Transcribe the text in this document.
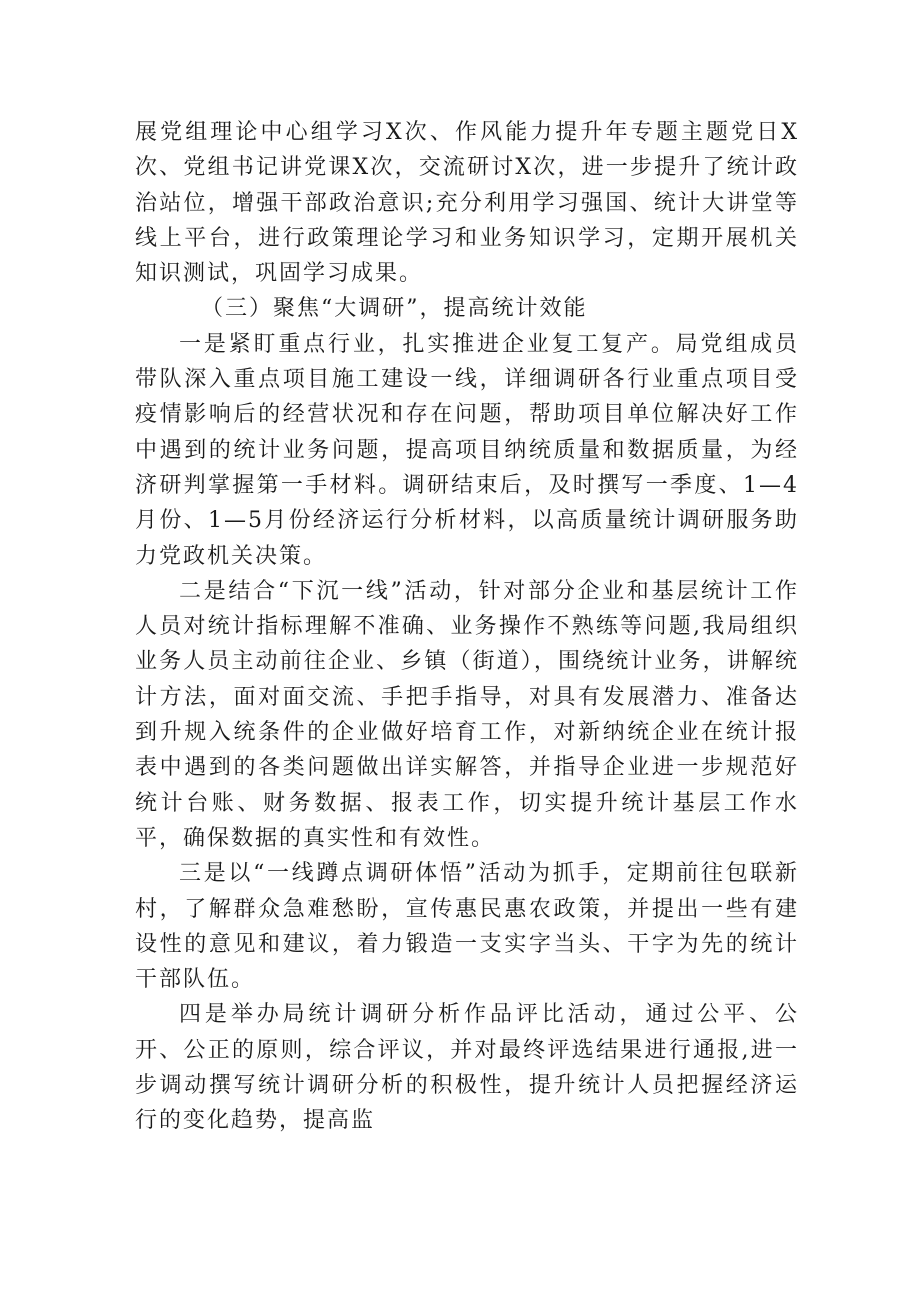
展党组理论中心组学习X次、作风能力提升年专题主题党日X次、党组书记讲党课X次，交流研讨X次，进一步提升了统计政治站位，增强干部政治意识;充分利用学习强国、统计大讲堂等线上平台，进行政策理论学习和业务知识学习，定期开展机关知识测试，巩固学习成果。

（三）聚焦“大调研”，提高统计效能

一是紧盯重点行业，扎实推进企业复工复产。局党组成员带队深入重点项目施工建设一线，详细调研各行业重点项目受疫情影响后的经营状况和存在问题，帮助项目单位解决好工作中遇到的统计业务问题，提高项目纳统质量和数据质量，为经济研判掌握第一手材料。调研结束后，及时撰写一季度、1—4月份、1—5月份经济运行分析材料，以高质量统计调研服务助力党政机关决策。

二是结合“下沉一线”活动，针对部分企业和基层统计工作人员对统计指标理解不准确、业务操作不熟练等问题,我局组织业务人员主动前往企业、乡镇（街道），围绕统计业务，讲解统计方法，面对面交流、手把手指导，对具有发展潜力、准备达到升规入统条件的企业做好培育工作，对新纳统企业在统计报表中遇到的各类问题做出详实解答，并指导企业进一步规范好统计台账、财务数据、报表工作，切实提升统计基层工作水平，确保数据的真实性和有效性。

三是以“一线蹲点调研体悟”活动为抓手，定期前往包联新村，了解群众急难愁盼，宣传惠民惠农政策，并提出一些有建设性的意见和建议，着力锻造一支实字当头、干字为先的统计干部队伍。

四是举办局统计调研分析作品评比活动，通过公平、公开、公正的原则，综合评议，并对最终评选结果进行通报,进一步调动撰写统计调研分析的积极性，提升统计人员把握经济运行的变化趋势，提高监
